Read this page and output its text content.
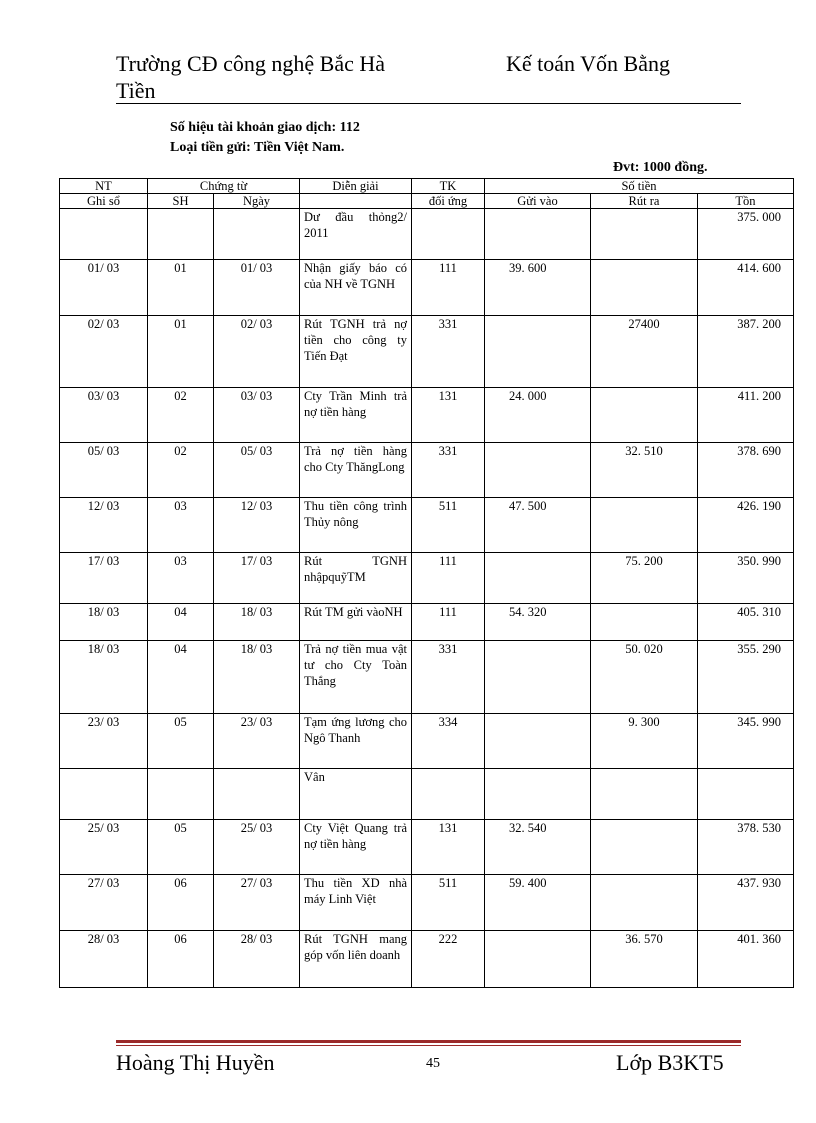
Trường CĐ công nghệ Bắc Hà
Tiền
Kế toán Vốn Bằng
Số hiệu tài khoản giao dịch: 112
Loại tiền gửi: Tiền Việt Nam.
Đvt: 1000 đồng.
NT	Chứng từ		Diễn giải	TK	Số tiền		
Ghi sổ	SH	Ngày		đối ứng	Gửi vào	Rút ra	Tồn
			Dư đầu thỏng2/ 2011				375. 000
01/ 03	01	01/ 03	Nhận giấy báo có của NH về TGNH	111	39. 600		414. 600
02/ 03	01	02/ 03	Rút TGNH trả nợ tiền cho công ty Tiến Đạt	331		27400	387. 200
03/ 03	02	03/ 03	Cty Trần Minh trả nợ tiền hàng	131	24. 000		411. 200
05/ 03	02	05/ 03	Trả nợ tiền hàng cho Cty ThăngLong	331		32. 510	378. 690
12/ 03	03	12/ 03	Thu tiền công trình Thủy nông	511	47. 500		426. 190
17/ 03	03	17/ 03	Rút TGNH nhậpquỹTM	111		75. 200	350. 990
18/ 03	04	18/ 03	Rút TM gửi vàoNH	111	54. 320		405. 310
18/ 03	04	18/ 03	Trả nợ tiền mua vật tư cho Cty Toàn Thắng	331		50. 020	355. 290
23/ 03	05	23/ 03	Tạm ứng lương cho Ngô Thanh	334		9. 300	345. 990
			Vân				
25/ 03	05	25/ 03	Cty Việt Quang trả nợ tiền hàng	131	32. 540		378. 530
27/ 03	06	27/ 03	Thu tiền XD nhà máy Linh Việt	511	59. 400		437. 930
28/ 03	06	28/ 03	Rút TGNH mang góp vốn liên doanh	222		36. 570	401. 360
Hoàng Thị Huyền	45	Lớp B3KT5
